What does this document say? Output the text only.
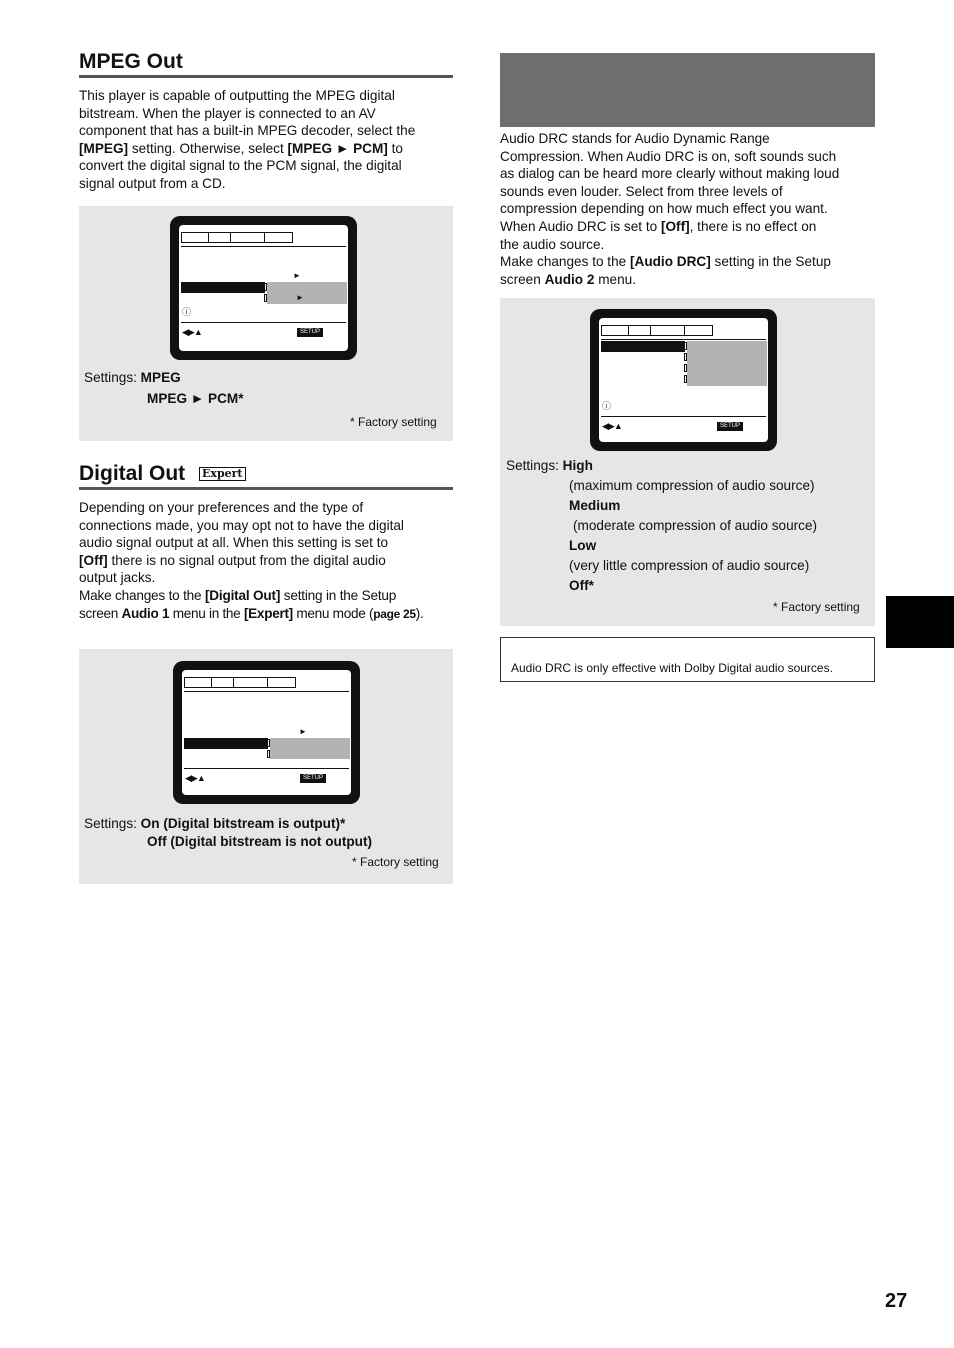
MPEG Out
This player is capable of outputting the MPEG digital
bitstream. When the player is connected to an AV
component that has a built-in MPEG decoder, select the
[MPEG] setting. Otherwise, select [MPEG ► PCM] to
convert the digital signal to the PCM signal, the digital
signal output from a CD.
►
►
ⓘ
◀▶▲	SETUP
Settings: MPEG
MPEG ► PCM*
* Factory setting
Digital Out Expert
Depending on your preferences and the type of
connections made, you may opt not to have the digital
audio signal output at all. When this setting is set to
[Off] there is no signal output from the digital audio
output jacks.
Make changes to the [Digital Out] setting in the Setup
screen Audio 1 menu in the [Expert] menu mode (page 25).
►
◀▶▲	SETUP
Settings: On (Digital bitstream is output)*
Off (Digital bitstream is not output)
* Factory setting
Audio DRC stands for Audio Dynamic Range
Compression. When Audio DRC is on, soft sounds such
as dialog can be heard more clearly without making loud
sounds even louder. Select from three levels of
compression depending on how much effect you want.
When Audio DRC is set to [Off], there is no effect on
the audio source.
Make changes to the [Audio DRC] setting in the Setup
screen Audio 2 menu.
ⓘ
◀▶▲	SETUP
Settings: High
(maximum compression of audio source)
Medium
(moderate compression of audio source)
Low
(very little compression of audio source)
Off*
* Factory setting
Audio DRC is only effective with Dolby Digital audio sources.
27
